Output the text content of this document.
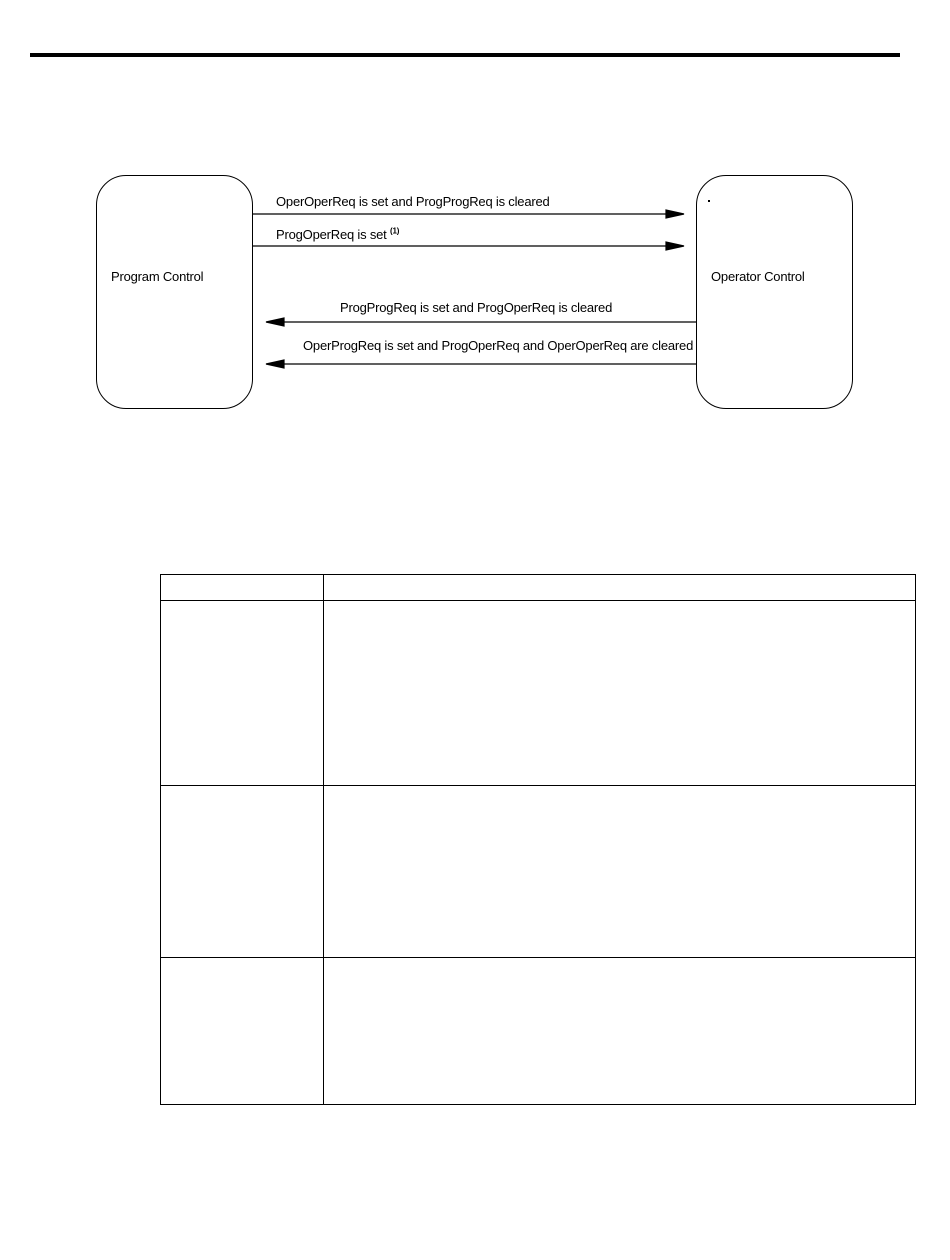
Program Control	Operator Control
OperOperReq is set and ProgProgReq is cleared
ProgOperReq is set $^{(1)}$
ProgProgReq is set and ProgOperReq is cleared
OperProgReq is set and ProgOperReq and OperOperReq are cleared
